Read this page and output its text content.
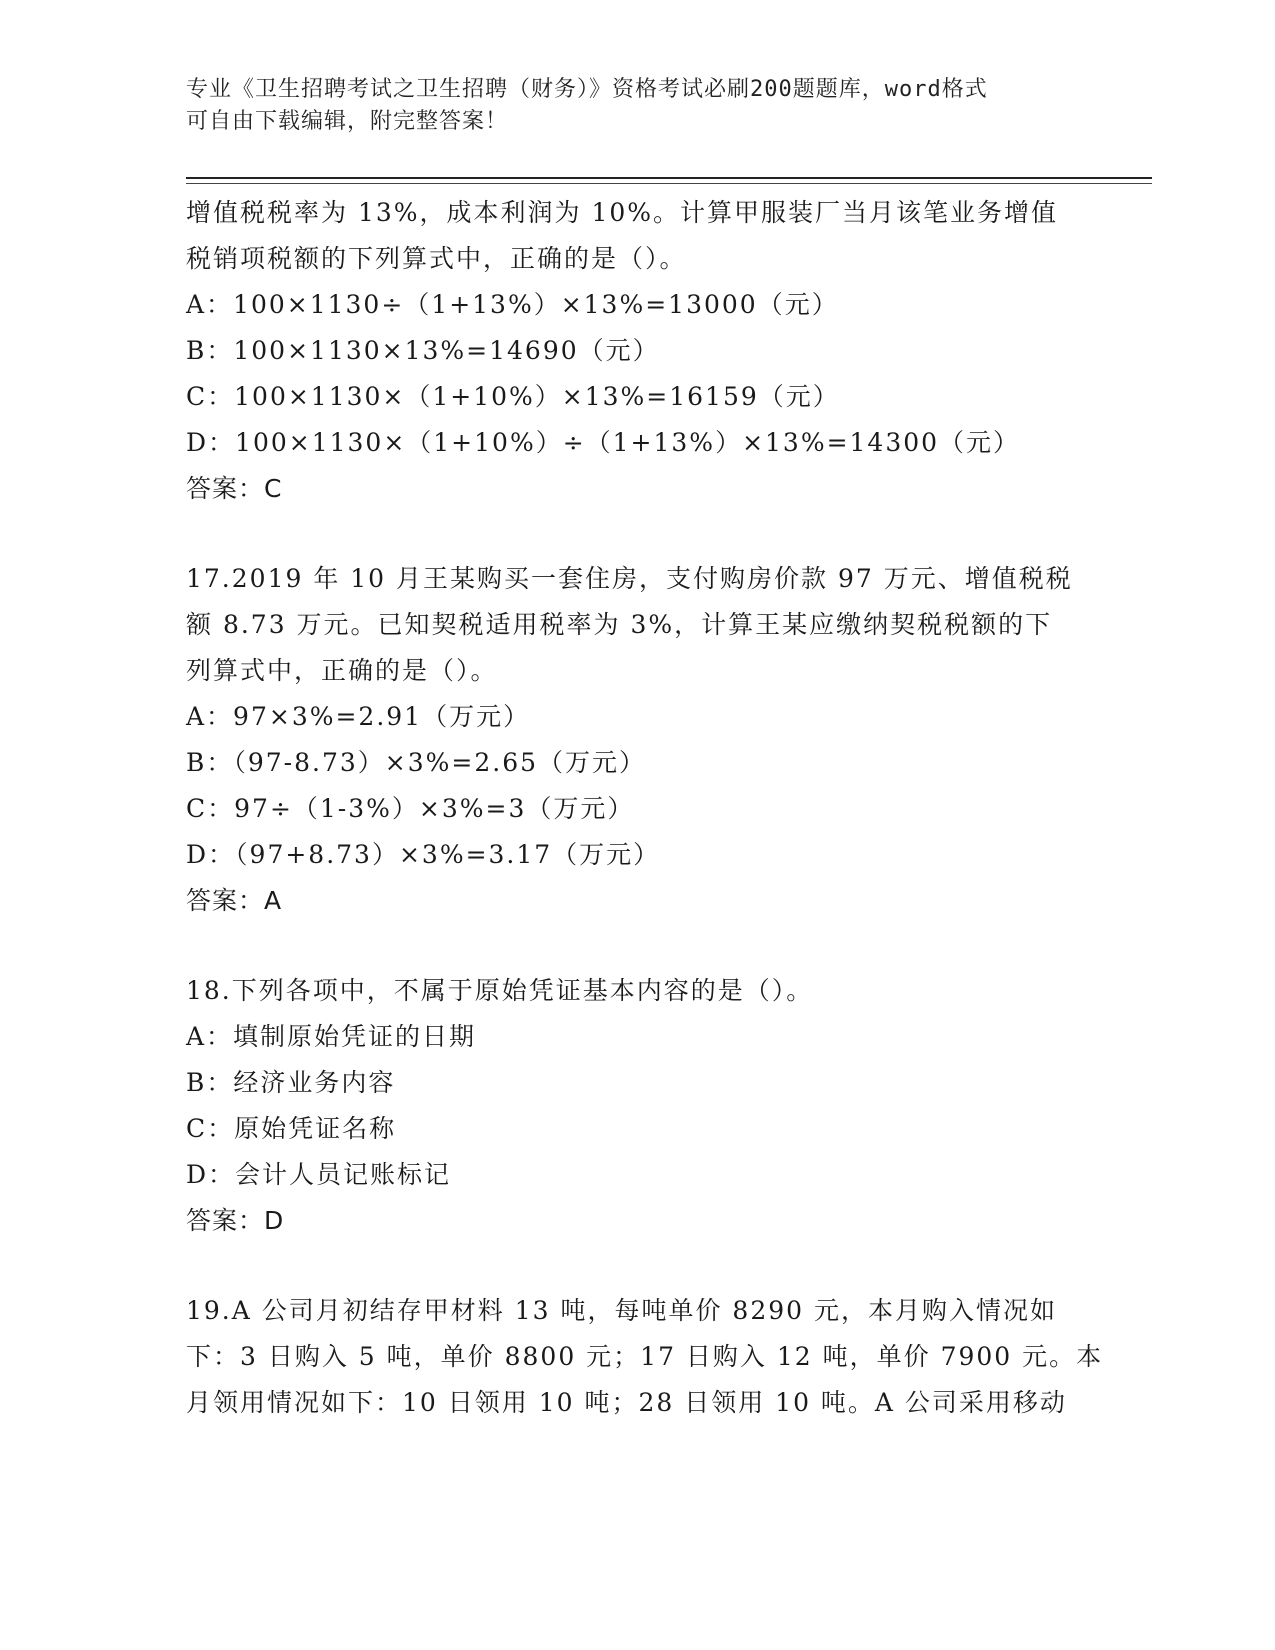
专业《卫生招聘考试之卫生招聘（财务）》资格考试必刷200题题库，word格式
可自由下载编辑，附完整答案！
增值税税率为 13%，成本利润为 10%。计算甲服装厂当月该笔业务增值
税销项税额的下列算式中，正确的是（）。
A：100×1130÷（1+13%）×13%=13000（元）
B：100×1130×13%=14690（元）
C：100×1130×（1+10%）×13%=16159（元）
D：100×1130×（1+10%）÷（1+13%）×13%=14300（元）
答案：C
17.2019 年 10 月王某购买一套住房，支付购房价款 97 万元、增值税税
额 8.73 万元。已知契税适用税率为 3%，计算王某应缴纳契税税额的下
列算式中，正确的是（）。
A：97×3%=2.91（万元）
B：（97-8.73）×3%=2.65（万元）
C：97÷（1-3%）×3%=3（万元）
D：（97+8.73）×3%=3.17（万元）
答案：A
18.下列各项中，不属于原始凭证基本内容的是（）。
A：填制原始凭证的日期
B：经济业务内容
C：原始凭证名称
D：会计人员记账标记
答案：D
19.A 公司月初结存甲材料 13 吨，每吨单价 8290 元，本月购入情况如
下：3 日购入 5 吨，单价 8800 元；17 日购入 12 吨，单价 7900 元。本
月领用情况如下：10 日领用 10 吨；28 日领用 10 吨。A 公司采用移动
